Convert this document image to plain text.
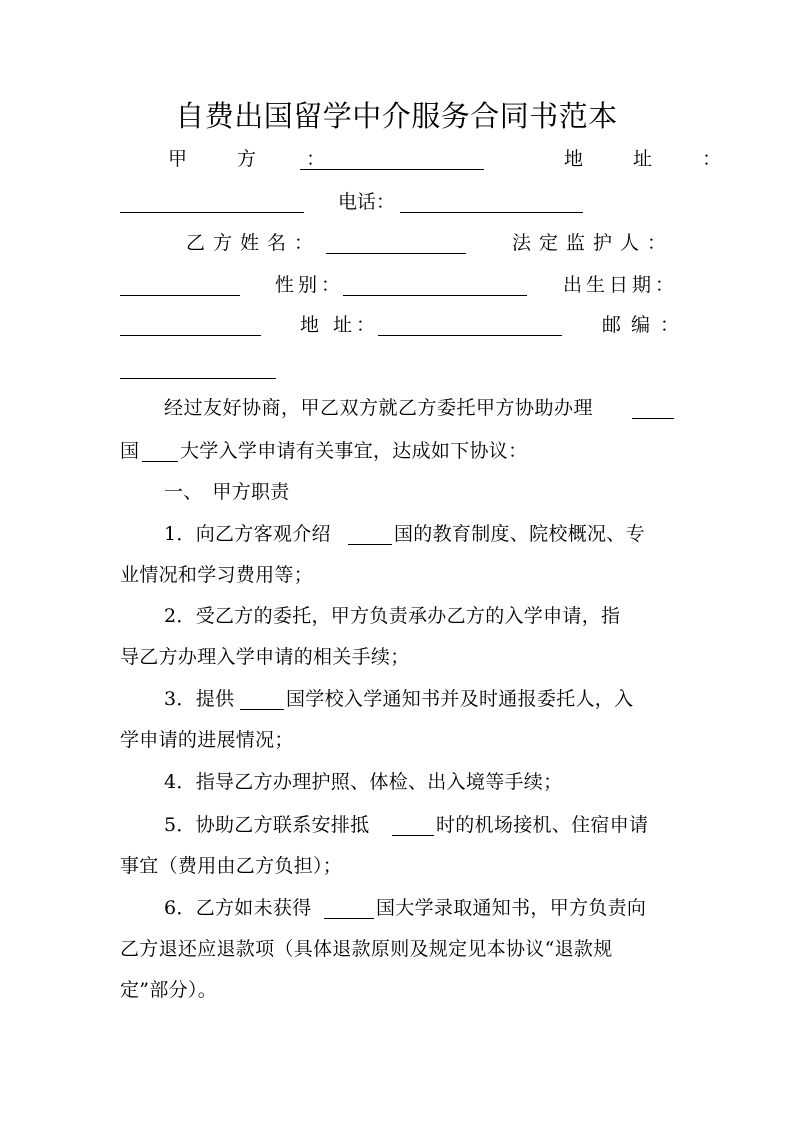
自费出国留学中介服务合同书范本
甲 方 ：	地 址 ：
电话：
乙方姓名：	法定监护人：
性别：	出生日期：
地 址：	邮编：
经过友好协商，甲乙双方就乙方委托甲方协助办理
国 大学入学申请有关事宜，达成如下协议：
一、　甲方职责
1．向乙方客观介绍	国的教育制度、院校概况、专
业情况和学习费用等；
2．受乙方的委托，甲方负责承办乙方的入学申请，指
导乙方办理入学申请的相关手续；
3．提供	国学校入学通知书并及时通报委托人，入
学申请的进展情况；
4．指导乙方办理护照、体检、出入境等手续；
5．协助乙方联系安排抵	时的机场接机、住宿申请
事宜（费用由乙方负担）；
6．乙方如未获得	国大学录取通知书，甲方负责向
乙方退还应退款项（具体退款原则及规定见本协议“退款规
定”部分）。
